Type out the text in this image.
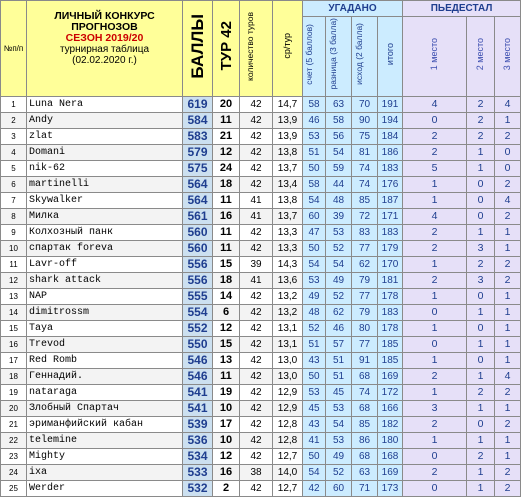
№п/п	ЛИЧНЫЙ КОНКУРС
ПРОГНОЗОВ
СЕЗОН 2019/20
турнирная таблица
(02.02.2020 г.)	БАЛЛЫ	ТУР 42	количество туров	ср/тур	УГАДАНО				ПЬЕДЕСТАЛ		
						счет (5 баллов)	разница (3 балла)	исход (2 балла)	итого	1 место	2 место	3 место
1	Luna Nera	619	20	42	14,7	58	63	70	191	4	2	4
2	Andy	584	11	42	13,9	46	58	90	194	0	2	1
3	zlat	583	21	42	13,9	53	56	75	184	2	2	2
4	Domani	579	12	42	13,8	51	54	81	186	2	1	0
5	nik-62	575	24	42	13,7	50	59	74	183	5	1	0
6	martinelli	564	18	42	13,4	58	44	74	176	1	0	2
7	Skywalker	564	11	41	13,8	54	48	85	187	1	0	4
8	Милка	561	16	41	13,7	60	39	72	171	4	0	2
9	Колхозный панк	560	11	42	13,3	47	53	83	183	2	1	1
10	спартак forevа	560	11	42	13,3	50	52	77	179	2	3	1
11	Lavr-off	556	15	39	14,3	54	54	62	170	1	2	2
12	shark attack	556	18	41	13,6	53	49	79	181	2	3	2
13	NAP	555	14	42	13,2	49	52	77	178	1	0	1
14	dimitrossm	554	6	42	13,2	48	62	79	183	0	1	1
15	Taya	552	12	42	13,1	52	46	80	178	1	0	1
16	Trevod	550	15	42	13,1	51	57	77	185	0	1	1
17	Red Romb	546	13	42	13,0	43	51	91	185	1	0	1
18	Геннадий.	546	11	42	13,0	50	51	68	169	2	1	4
19	nataraga	541	19	42	12,9	53	45	74	172	1	2	2
20	Злобный Спартач	541	10	42	12,9	45	53	68	166	3	1	1
21	эриманфийский кабан	539	17	42	12,8	43	54	85	182	2	0	2
22	telemine	536	10	42	12,8	41	53	86	180	1	1	1
23	Mighty	534	12	42	12,7	50	49	68	168	0	2	1
24	ixa	533	16	38	14,0	54	52	63	169	2	1	2
25	Werder	532	2	42	12,7	42	60	71	173	0	1	2
